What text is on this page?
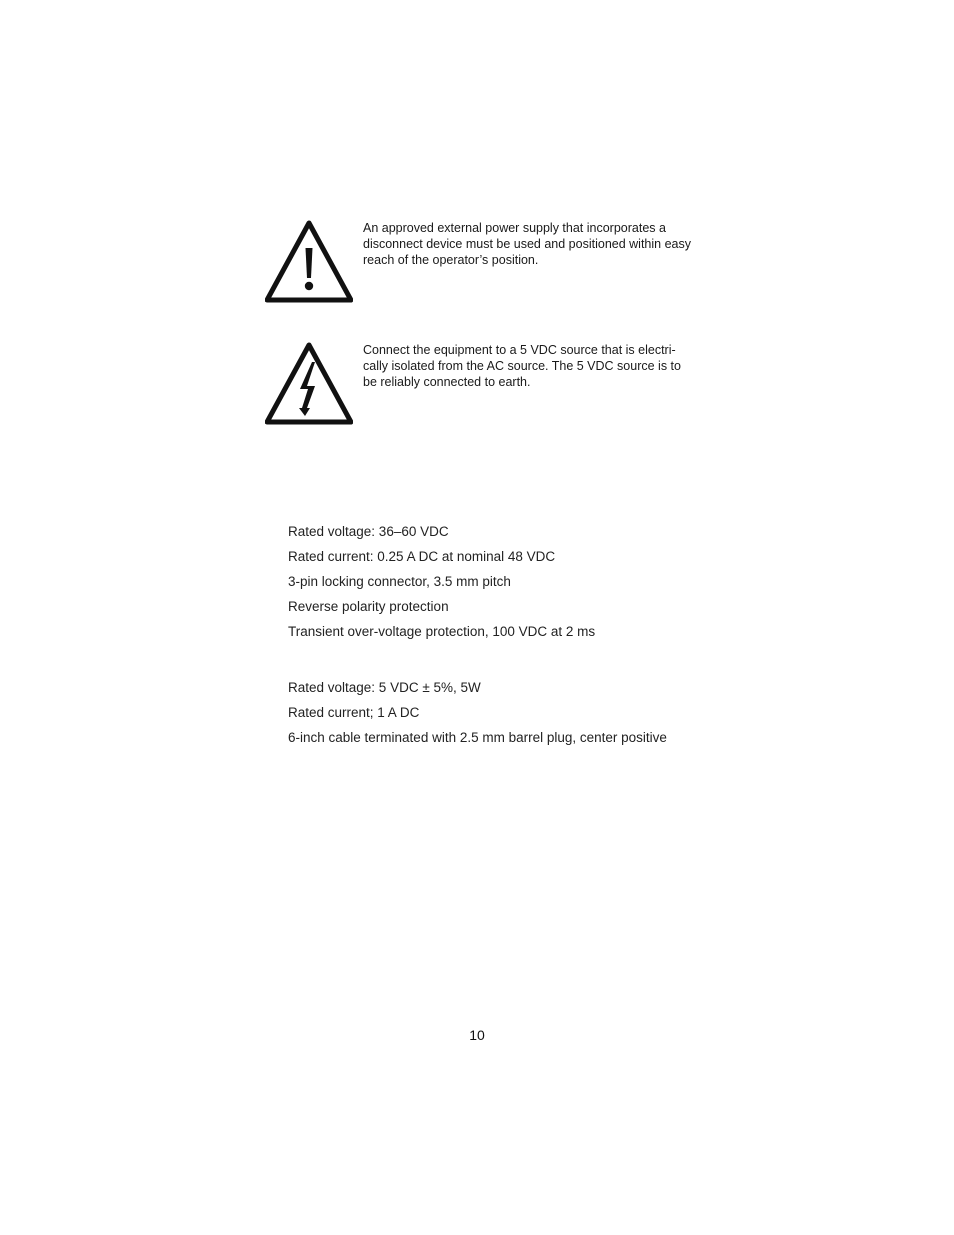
An approved external power supply that incorporates a disconnect device must be used and positioned within easy reach of the operator’s position.
Connect the equipment to a 5 VDC source that is electri-cally isolated from the AC source. The 5 VDC source is to be reliably connected to earth.
Rated voltage: 36–60 VDC
Rated current: 0.25 A DC at nominal 48 VDC
3-pin locking connector, 3.5 mm pitch
Reverse polarity protection
Transient over-voltage protection, 100 VDC at 2 ms
Rated voltage: 5 VDC ± 5%, 5W
Rated current; 1 A DC
6-inch cable terminated with 2.5 mm barrel plug, center positive
10
